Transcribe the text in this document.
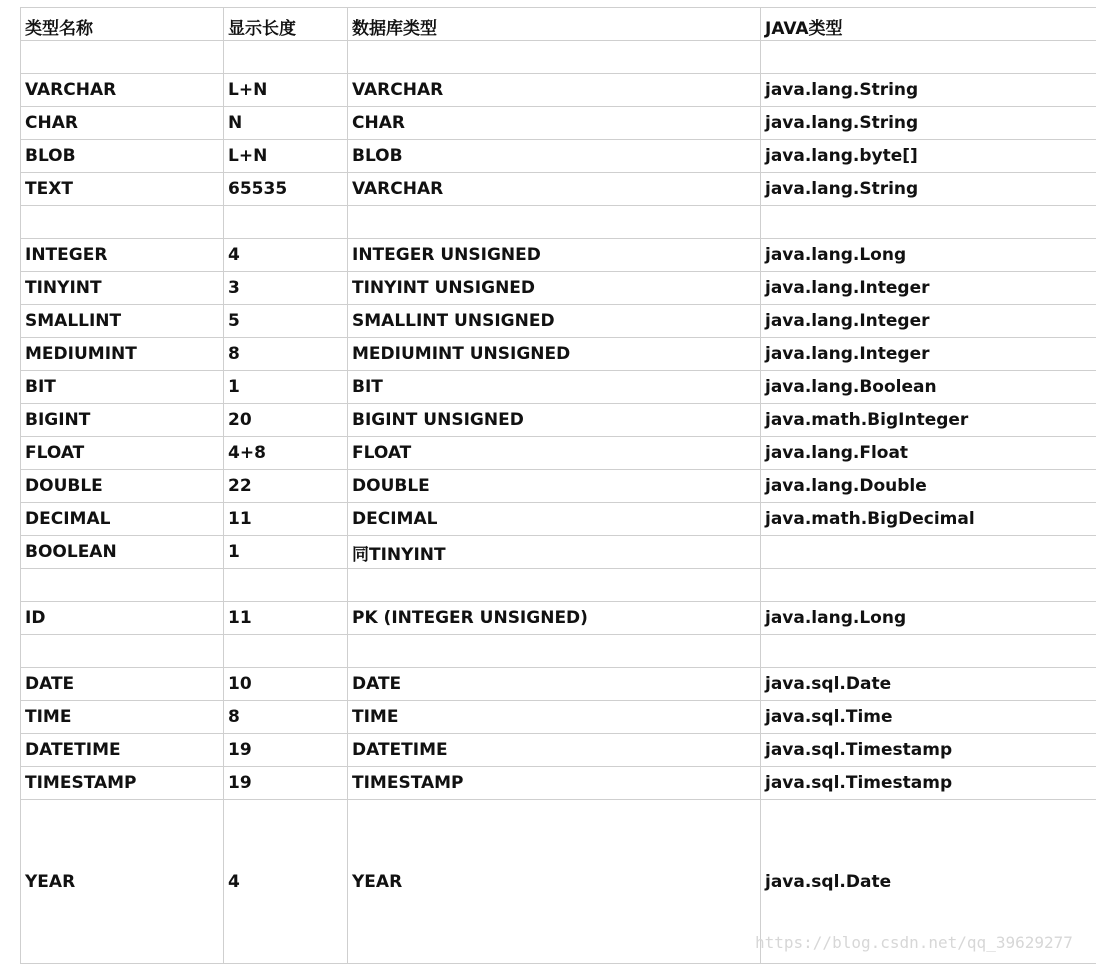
类型名称	显示长度	数据库类型	JAVA类型

VARCHAR	L+N	VARCHAR	java.lang.String
CHAR	N	CHAR	java.lang.String
BLOB	L+N	BLOB	java.lang.byte[]
TEXT	65535	VARCHAR	java.lang.String

INTEGER	4	INTEGER UNSIGNED	java.lang.Long
TINYINT	3	TINYINT UNSIGNED	java.lang.Integer
SMALLINT	5	SMALLINT UNSIGNED	java.lang.Integer
MEDIUMINT	8	MEDIUMINT UNSIGNED	java.lang.Integer
BIT	1	BIT	java.lang.Boolean
BIGINT	20	BIGINT UNSIGNED	java.math.BigInteger
FLOAT	4+8	FLOAT	java.lang.Float
DOUBLE	22	DOUBLE	java.lang.Double
DECIMAL	11	DECIMAL	java.math.BigDecimal
BOOLEAN	1	同TINYINT	

ID	11	PK (INTEGER UNSIGNED)	java.lang.Long

DATE	10	DATE	java.sql.Date
TIME	8	TIME	java.sql.Time
DATETIME	19	DATETIME	java.sql.Timestamp
TIMESTAMP	19	TIMESTAMP	java.sql.Timestamp
YEAR	4	YEAR	java.sql.Date
https://blog.csdn.net/qq_39629277
